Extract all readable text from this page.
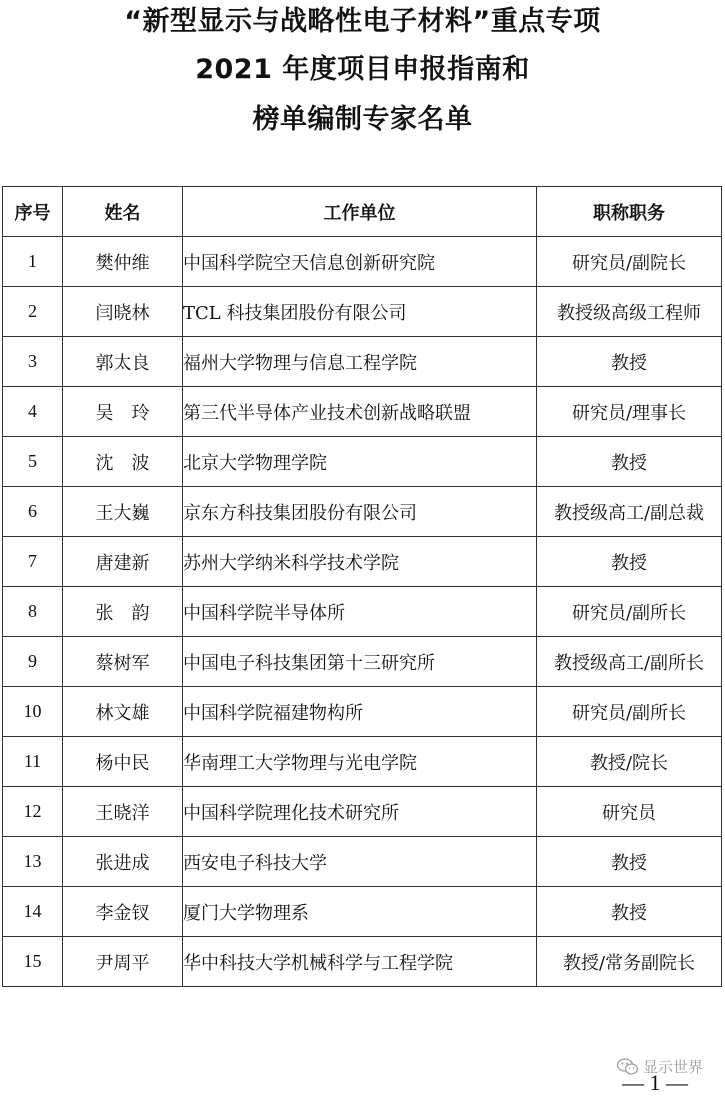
“新型显示与战略性电子材料”重点专项
2021 年度项目申报指南和
榜单编制专家名单
序号	姓名	工作单位	职称职务
1	樊仲维	中国科学院空天信息创新研究院	研究员/副院长
2	闫晓林	TCL 科技集团股份有限公司	教授级高级工程师
3	郭太良	福州大学物理与信息工程学院	教授
4	吴　玲	第三代半导体产业技术创新战略联盟	研究员/理事长
5	沈　波	北京大学物理学院	教授
6	王大巍	京东方科技集团股份有限公司	教授级高工/副总裁
7	唐建新	苏州大学纳米科学技术学院	教授
8	张　韵	中国科学院半导体所	研究员/副所长
9	蔡树军	中国电子科技集团第十三研究所	教授级高工/副所长
10	林文雄	中国科学院福建物构所	研究员/副所长
11	杨中民	华南理工大学物理与光电学院	教授/院长
12	王晓洋	中国科学院理化技术研究所	研究员
13	张进成	西安电子科技大学	教授
14	李金钗	厦门大学物理系	教授
15	尹周平	华中科技大学机械科学与工程学院	教授/常务副院长
显示世界
— 1 —
